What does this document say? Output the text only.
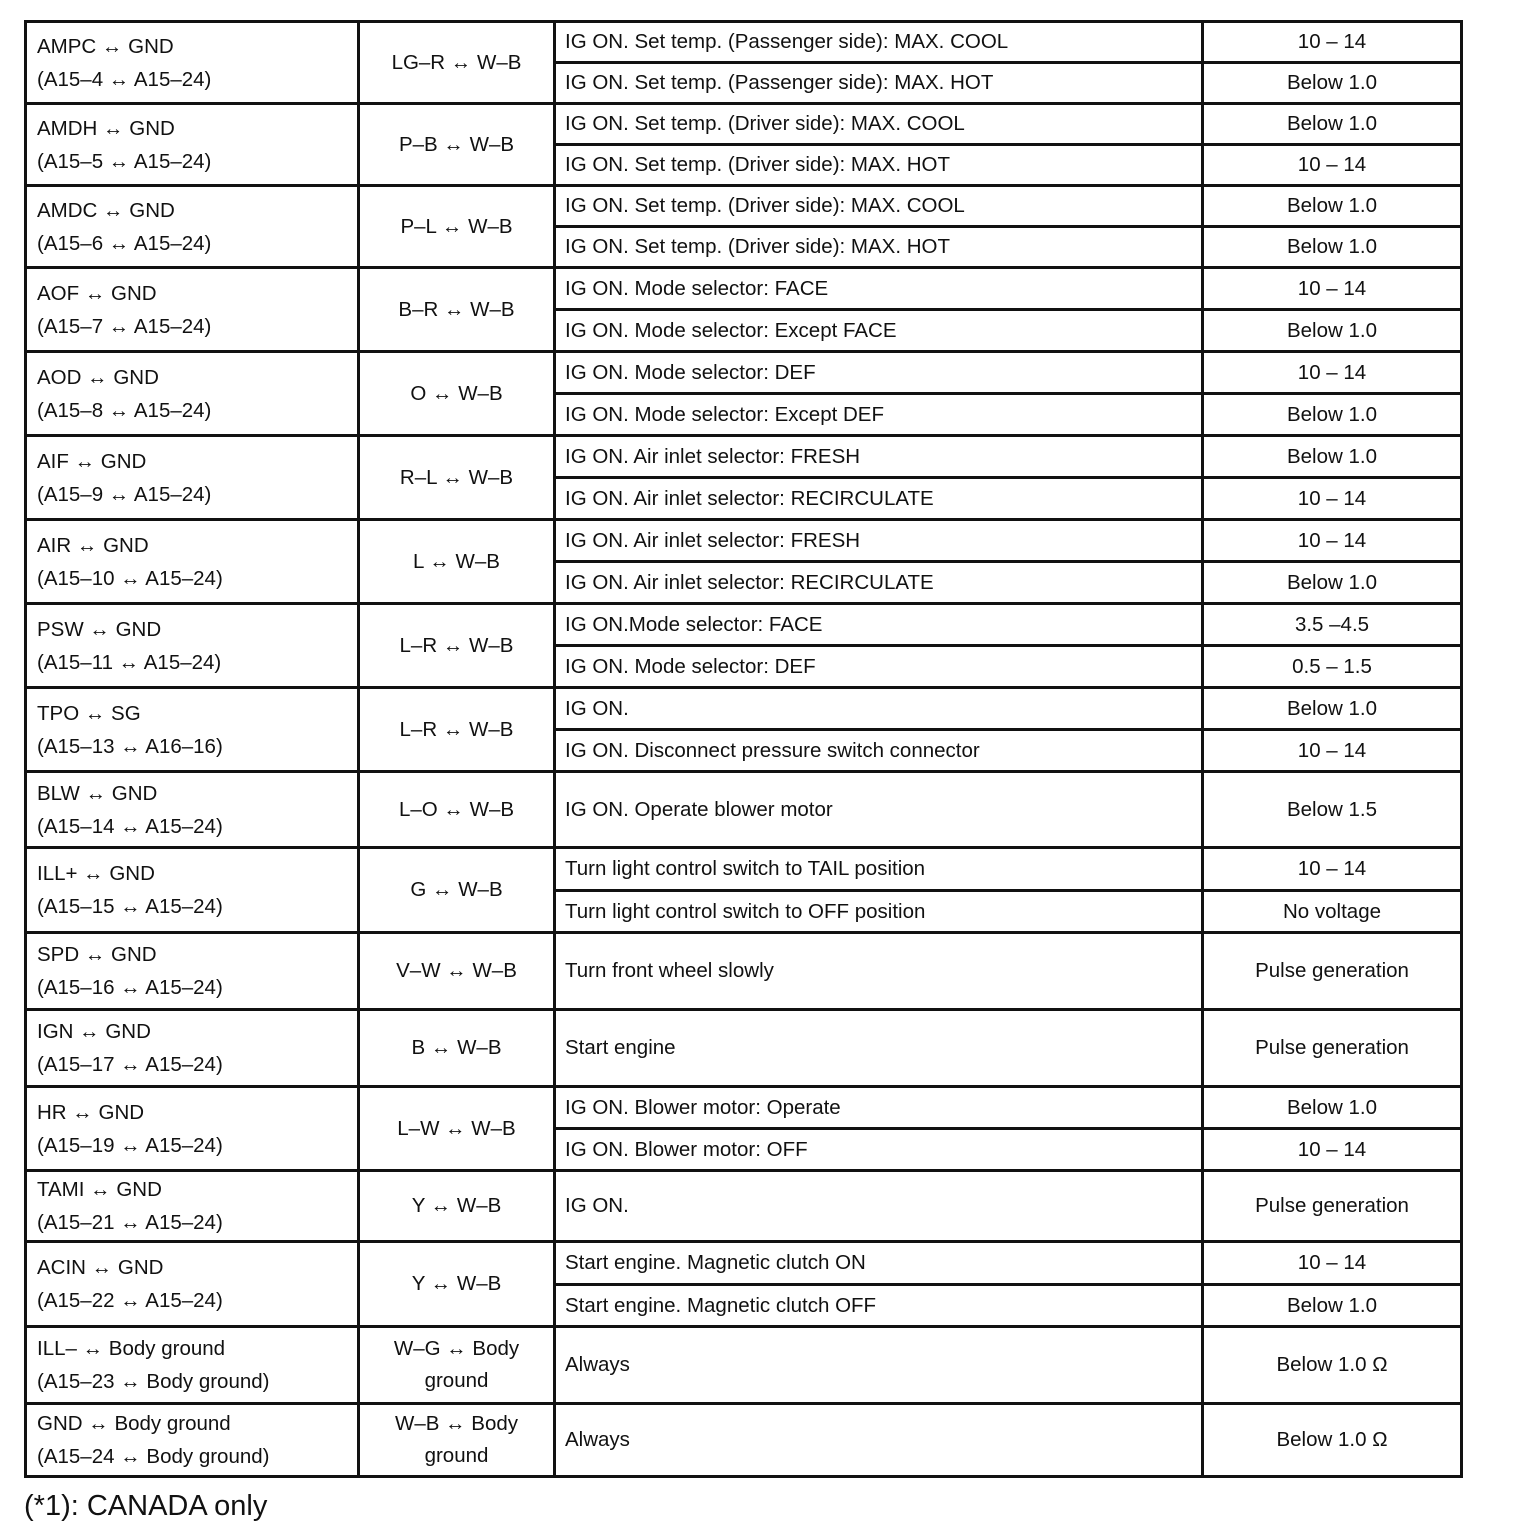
AMPC ↔ GND
(A15–4 ↔ A15–24)	LG–R ↔ W–B	IG ON. Set temp. (Passenger side): MAX. COOL	10 – 14
		IG ON. Set temp. (Passenger side): MAX. HOT	Below 1.0

AMDH ↔ GND
(A15–5 ↔ A15–24)	P–B ↔ W–B	IG ON. Set temp. (Driver side): MAX. COOL	Below 1.0
		IG ON. Set temp. (Driver side): MAX. HOT	10 – 14

AMDC ↔ GND
(A15–6 ↔ A15–24)	P–L ↔ W–B	IG ON. Set temp. (Driver side): MAX. COOL	Below 1.0
		IG ON. Set temp. (Driver side): MAX. HOT	Below 1.0

AOF ↔ GND
(A15–7 ↔ A15–24)	B–R ↔ W–B	IG ON. Mode selector: FACE	10 – 14
		IG ON. Mode selector: Except FACE	Below 1.0

AOD ↔ GND
(A15–8 ↔ A15–24)	O ↔ W–B	IG ON. Mode selector: DEF	10 – 14
		IG ON. Mode selector: Except DEF	Below 1.0

AIF ↔ GND
(A15–9 ↔ A15–24)	R–L ↔ W–B	IG ON. Air inlet selector: FRESH	Below 1.0
		IG ON. Air inlet selector: RECIRCULATE	10 – 14

AIR ↔ GND
(A15–10 ↔ A15–24)	L ↔ W–B	IG ON. Air inlet selector: FRESH	10 – 14
		IG ON. Air inlet selector: RECIRCULATE	Below 1.0

PSW ↔ GND
(A15–11 ↔ A15–24)	L–R ↔ W–B	IG ON.Mode selector: FACE	3.5 –4.5
		IG ON. Mode selector: DEF	0.5 – 1.5

TPO ↔ SG
(A15–13 ↔ A16–16)	L–R ↔ W–B	IG ON.	Below 1.0
		IG ON. Disconnect pressure switch connector	10 – 14

BLW ↔ GND
(A15–14 ↔ A15–24)	L–O ↔ W–B	IG ON. Operate blower motor	Below 1.5

ILL+ ↔ GND
(A15–15 ↔ A15–24)	G ↔ W–B	Turn light control switch to TAIL position	10 – 14
		Turn light control switch to OFF position	No voltage

SPD ↔ GND
(A15–16 ↔ A15–24)	V–W ↔ W–B	Turn front wheel slowly	Pulse generation

IGN ↔ GND
(A15–17 ↔ A15–24)	B ↔ W–B	Start engine	Pulse generation

HR ↔ GND
(A15–19 ↔ A15–24)	L–W ↔ W–B	IG ON. Blower motor: Operate	Below 1.0
		IG ON. Blower motor: OFF	10 – 14

TAMI ↔ GND
(A15–21 ↔ A15–24)	Y ↔ W–B	IG ON.	Pulse generation

ACIN ↔ GND
(A15–22 ↔ A15–24)	Y ↔ W–B	Start engine. Magnetic clutch ON	10 – 14
		Start engine. Magnetic clutch OFF	Below 1.0

ILL– ↔ Body ground
(A15–23 ↔ Body ground)	W–G ↔ Body
ground	Always	Below 1.0 Ω

GND ↔ Body ground
(A15–24 ↔ Body ground)	W–B ↔ Body
ground	Always	Below 1.0 Ω
(*1): CANADA only
